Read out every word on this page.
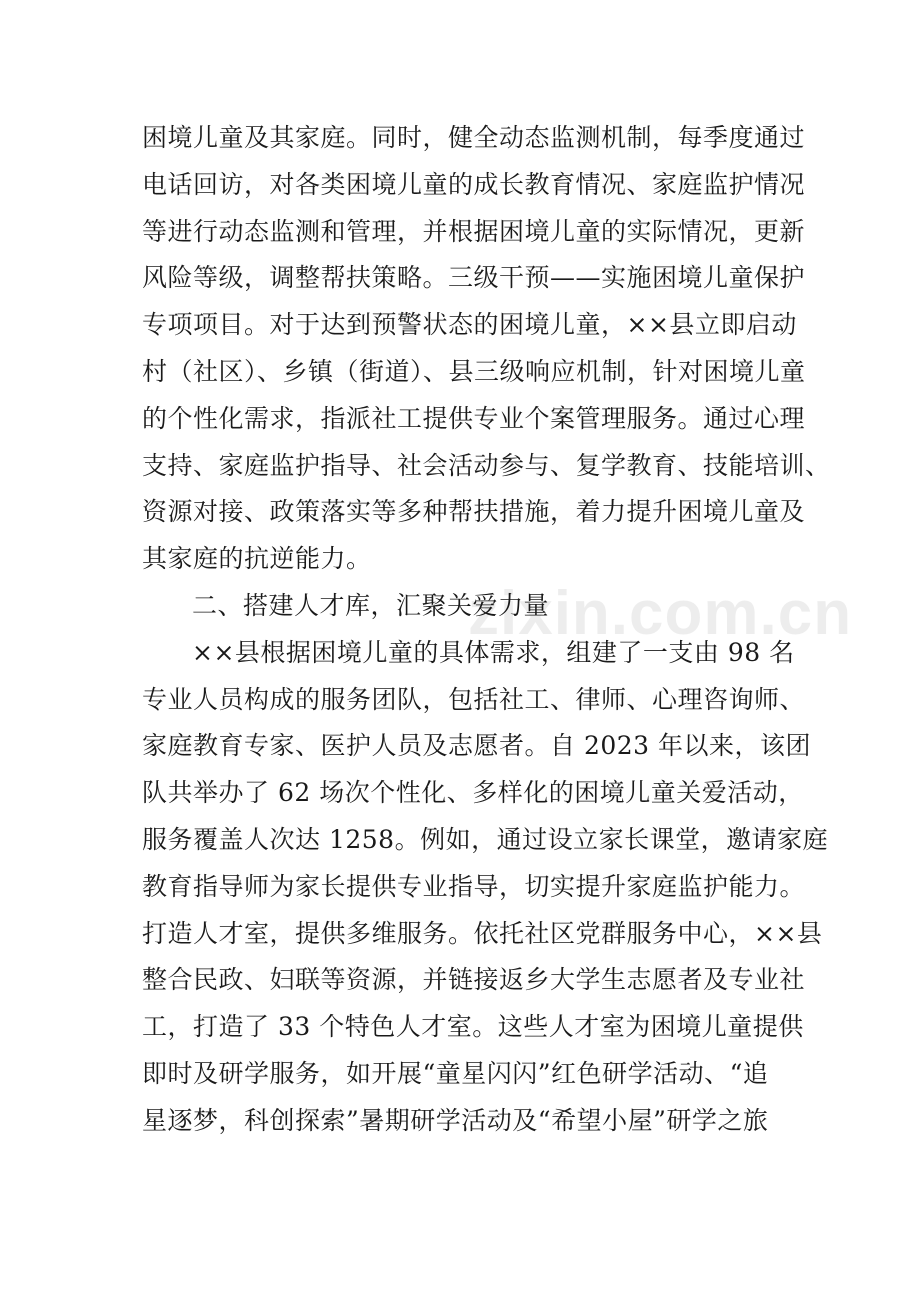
困境儿童及其家庭。同时，健全动态监测机制，每季度通过
电话回访，对各类困境儿童的成长教育情况、家庭监护情况
等进行动态监测和管理，并根据困境儿童的实际情况，更新
风险等级，调整帮扶策略。三级干预——实施困境儿童保护
专项项目。对于达到预警状态的困境儿童，××县立即启动
村（社区）、乡镇（街道）、县三级响应机制，针对困境儿童
的个性化需求，指派社工提供专业个案管理服务。通过心理
支持、家庭监护指导、社会活动参与、复学教育、技能培训、
资源对接、政策落实等多种帮扶措施，着力提升困境儿童及
其家庭的抗逆能力。
二、搭建人才库，汇聚关爱力量
××县根据困境儿童的具体需求，组建了一支由 98 名
专业人员构成的服务团队，包括社工、律师、心理咨询师、
家庭教育专家、医护人员及志愿者。自 2023 年以来，该团
队共举办了 62 场次个性化、多样化的困境儿童关爱活动，
服务覆盖人次达 1258。例如，通过设立家长课堂，邀请家庭
教育指导师为家长提供专业指导，切实提升家庭监护能力。
打造人才室，提供多维服务。依托社区党群服务中心，××县
整合民政、妇联等资源，并链接返乡大学生志愿者及专业社
工，打造了 33 个特色人才室。这些人才室为困境儿童提供
即时及研学服务，如开展“童星闪闪”红色研学活动、“追
星逐梦，科创探索”暑期研学活动及“希望小屋”研学之旅
zixin.com.cn
